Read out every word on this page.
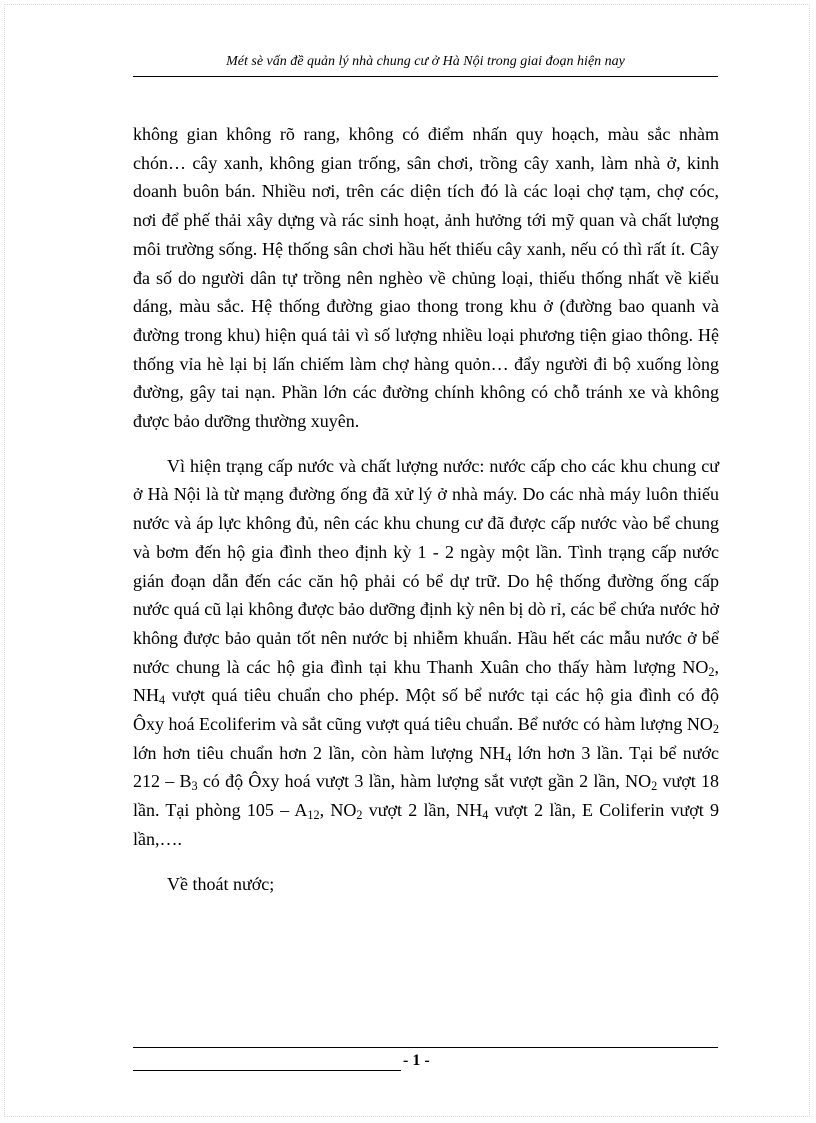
Mét sè vấn đề quản lý nhà chung cư ở Hà Nội trong giai đoạn hiện nay

không gian không rõ rang, không có điểm nhấn quy hoạch, màu sắc nhàm chón… cây xanh, không gian trống, sân chơi, trồng cây xanh, làm nhà ở, kinh doanh buôn bán. Nhiều nơi, trên các diện tích đó là các loại chợ tạm, chợ cóc, nơi để phế thải xây dựng và rác sinh hoạt, ảnh hưởng tới mỹ quan và chất lượng môi trường sống. Hệ thống sân chơi hầu hết thiếu cây xanh, nếu có thì rất ít. Cây đa số do người dân tự trồng nên nghèo về chủng loại, thiếu thống nhất về kiểu dáng, màu sắc. Hệ thống đường giao thong trong khu ở (đường bao quanh và đường trong khu) hiện quá tải vì số lượng nhiều loại phương tiện giao thông. Hệ thống vỉa hè lại bị lấn chiếm làm chợ hàng quỏn… đẩy người đi bộ xuống lòng đường, gây tai nạn. Phần lớn các đường chính không có chỗ tránh xe và không được bảo dưỡng thường xuyên.

Vì hiện trạng cấp nước và chất lượng nước: nước cấp cho các khu chung cư ở Hà Nội là từ mạng đường ống đã xử lý ở nhà máy. Do các nhà máy luôn thiếu nước và áp lực không đủ, nên các khu chung cư đã được cấp nước vào bể chung và bơm đến hộ gia đình theo định kỳ 1 - 2 ngày một lần. Tình trạng cấp nước gián đoạn dẫn đến các căn hộ phải có bể dự trữ. Do hệ thống đường ống cấp nước quá cũ lại không được bảo dưỡng định kỳ nên bị dò rỉ, các bể chứa nước hở không được bảo quản tốt nên nước bị nhiễm khuẩn. Hầu hết các mẫu nước ở bể nước chung là các hộ gia đình tại khu Thanh Xuân cho thấy hàm lượng $NO_2$, $NH_4$ vượt quá tiêu chuẩn cho phép. Một số bể nước tại các hộ gia đình có độ Ôxy hoá Ecoliferim và sắt cũng vượt quá tiêu chuẩn. Bể nước có hàm lượng $NO_2$ lớn hơn tiêu chuẩn hơn 2 lần, còn hàm lượng $NH_4$ lớn hơn 3 lần. Tại bể nước $212 - B_3$ có độ Ôxy hoá vượt 3 lần, hàm lượng sắt vượt gần 2 lần, $NO_2$ vượt 18 lần. Tại phòng $105 - A_{12}$, $NO_2$ vượt 2 lần, $NH_4$ vượt 2 lần, E Coliferin vượt 9 lần,….

Về thoát nước;

- 1 -
